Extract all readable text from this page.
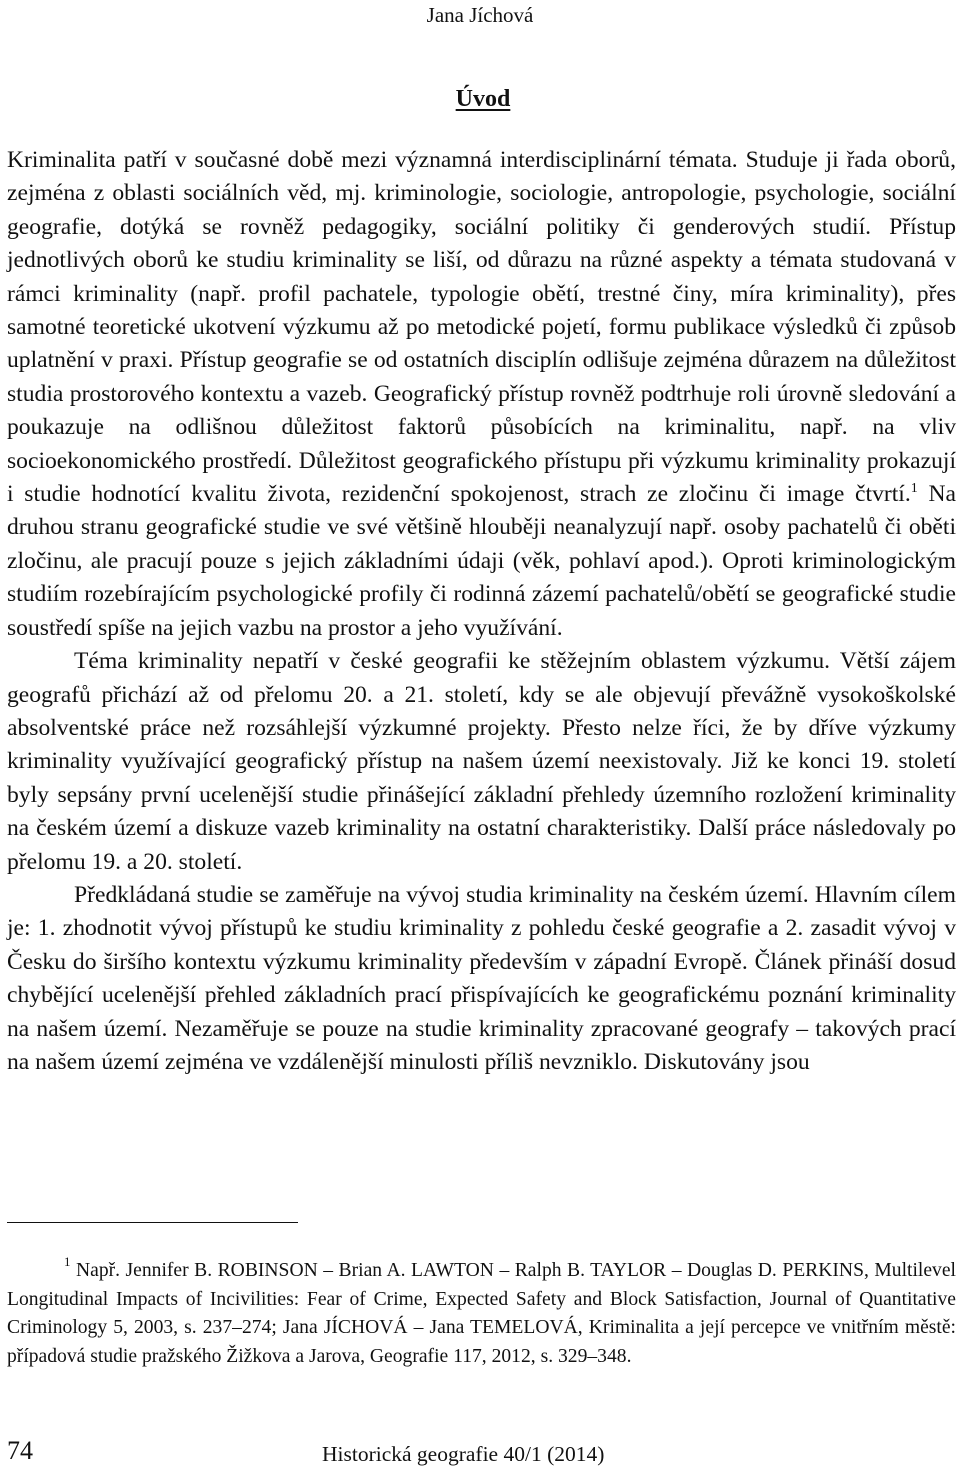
Jana Jíchová
Úvod

Kriminalita patří v současné době mezi významná interdisciplinární témata. Studuje ji řada oborů, zejména z oblasti sociálních věd, mj. kriminologie, sociologie, antropologie, psychologie, sociální geografie, dotýká se rovněž pedagogiky, sociální politiky či genderových studií. Přístup jednotlivých oborů ke studiu kriminality se liší, od důrazu na různé aspekty a témata studovaná v rámci kriminality (např. profil pachatele, typologie obětí, trestné činy, míra kriminality), přes samotné teoretické ukotvení výzkumu až po metodické pojetí, formu publikace výsledků či způsob uplatnění v praxi. Přístup geografie se od ostatních disciplín odlišuje zejména důrazem na důležitost studia prostorového kontextu a vazeb. Geografický přístup rovněž podtrhuje roli úrovně sledování a poukazuje na odlišnou důležitost faktorů působících na kriminalitu, např. na vliv socioekonomického prostředí. Důležitost geografického přístupu při výzkumu kriminality prokazují i studie hodnotící kvalitu života, rezidenční spokojenost, strach ze zločinu či image čtvrtí.$^1$ Na druhou stranu geografické studie ve své většině hlouběji neanalyzují např. osoby pachatelů či oběti zločinu, ale pracují pouze s jejich základními údaji (věk, pohlaví apod.). Oproti kriminologickým studiím rozebírajícím psychologické profily či rodinná zázemí pachatelů/obětí se geografické studie soustředí spíše na jejich vazbu na prostor a jeho využívání.

Téma kriminality nepatří v české geografii ke stěžejním oblastem výzkumu. Větší zájem geografů přichází až od přelomu 20. a 21. století, kdy se ale objevují převážně vysokoškolské absolventské práce než rozsáhlejší výzkumné projekty. Přesto nelze říci, že by dříve výzkumy kriminality využívající geografický přístup na našem území neexistovaly. Již ke konci 19. století byly sepsány první ucelenější studie přinášející základní přehledy územního rozložení kriminality na českém území a diskuze vazeb kriminality na ostatní charakteristiky. Další práce následovaly po přelomu 19. a 20. století.

Předkládaná studie se zaměřuje na vývoj studia kriminality na českém území. Hlavním cílem je: 1. zhodnotit vývoj přístupů ke studiu kriminality z pohledu české geografie a 2. zasadit vývoj v Česku do širšího kontextu výzkumu kriminality především v západní Evropě. Článek přináší dosud chybějící ucelenější přehled základních prací přispívajících ke geografickému poznání kriminality na našem území. Nezaměřuje se pouze na studie kriminality zpracované geografy – takových prací na našem území zejména ve vzdálenější minulosti příliš nevzniklo. Diskutovány jsou

$^1$ Např. Jennifer B. ROBINSON – Brian A. LAWTON – Ralph B. TAYLOR – Douglas D. PERKINS, Multilevel Longitudinal Impacts of Incivilities: Fear of Crime, Expected Safety and Block Satisfaction, Journal of Quantitative Criminology 5, 2003, s. 237–274; Jana JÍCHOVÁ – Jana TEMELOVÁ, Kriminalita a její percepce ve vnitřním městě: případová studie pražského Žižkova a Jarova, Geografie 117, 2012, s. 329–348.
74	Historická geografie 40/1 (2014)
